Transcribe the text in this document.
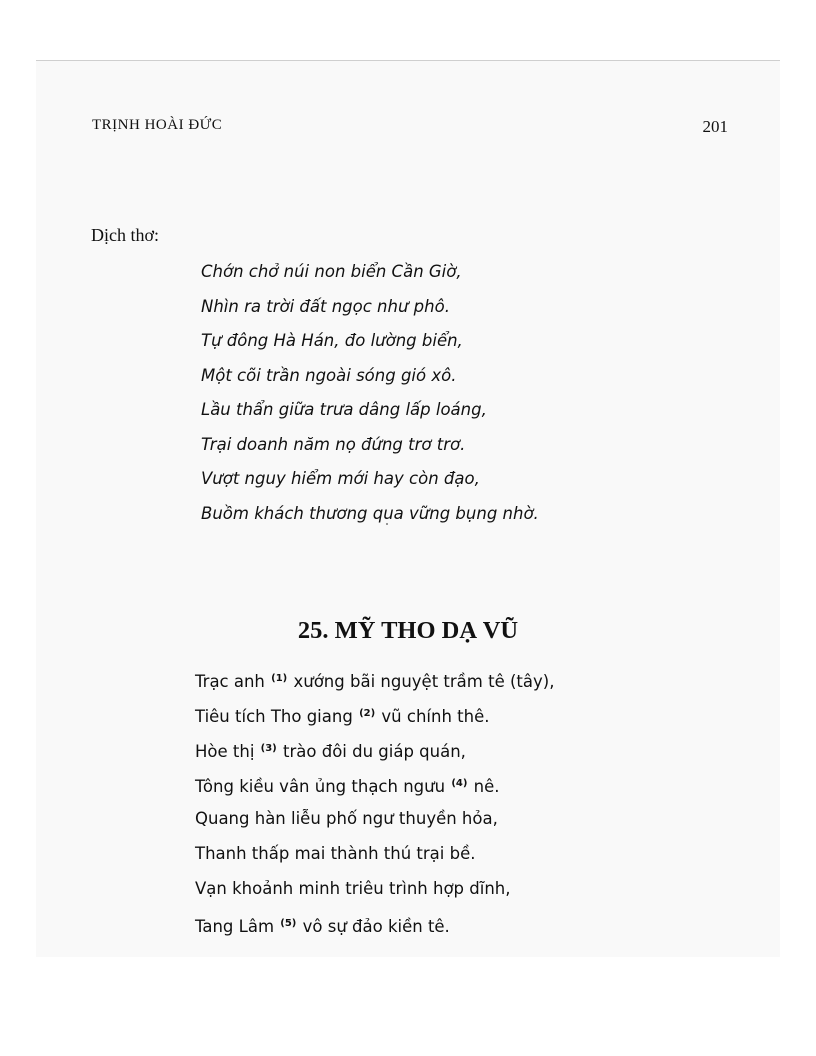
TRỊNH HOÀI ĐỨC	201
Dịch thơ:
Chớn chở núi non biển Cần Giờ,
Nhìn ra trời đất ngọc như phô.
Tự đông Hà Hán, đo lường biển,
Một cõi trần ngoài sóng gió xô.
Lầu thẩn giữa trưa dâng lấp loáng,
Trại doanh năm nọ đứng trơ trơ.
Vượt nguy hiểm mới hay còn đạo,
Buồm khách thương qua vững bụng nhờ.
25. MỸ THO DẠ VŨ
Trạc anh $^{(1)}$ xướng bãi nguyệt trầm tê (tây),
Tiêu tích Tho giang $^{(2)}$ vũ chính thê.
Hòe thị $^{(3)}$ trào đôi du giáp quán,
Tông kiều vân ủng thạch ngưu $^{(4)}$ nê.
Quang hàn liễu phố ngư thuyền hỏa,
Thanh thấp mai thành thú trại bề.
Vạn khoảnh minh triêu trình hợp dĩnh,
Tang Lâm $^{(5)}$ vô sự đảo kiền tê.
